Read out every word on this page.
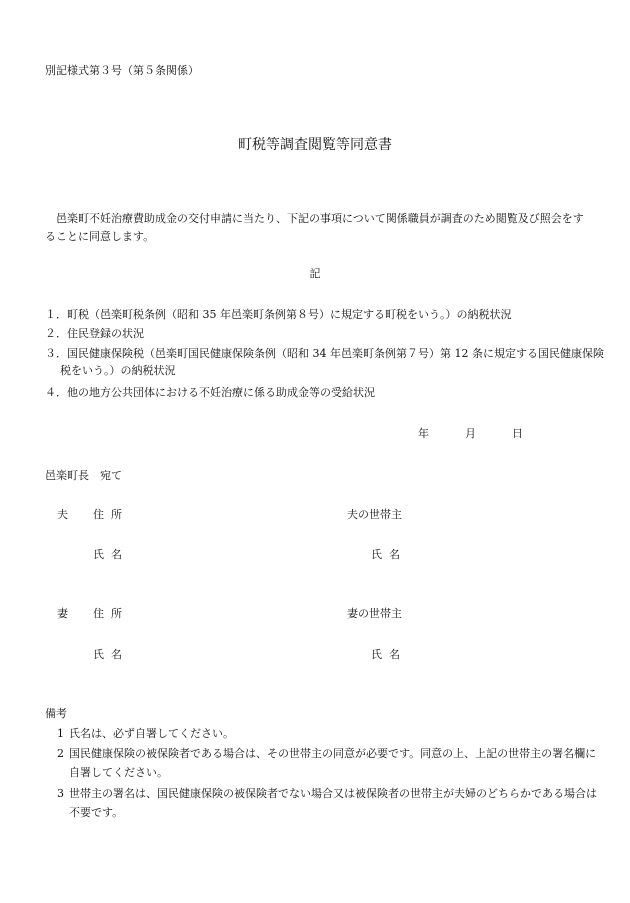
別記様式第３号（第５条関係）
町税等調査閲覧等同意書
邑楽町不妊治療費助成金の交付申請に当たり、下記の事項について関係職員が調査のため閲覧及び照会をすることに同意します。
記
１．町税（邑楽町税条例（昭和 35 年邑楽町条例第８号）に規定する町税をいう。）の納税状況
２．住民登録の状況
３．国民健康保険税（邑楽町国民健康保険条例（昭和 34 年邑楽町条例第７号）第 12 条に規定する国民健康保険税をいう。）の納税状況
４．他の地方公共団体における不妊治療に係る助成金等の受給状況
年	月	日
邑楽町長　宛て
夫 住所	夫の世帯主
氏名	氏名
妻 住所	妻の世帯主
氏名	氏名
備考
1 氏名は、必ず自署してください。
2 国民健康保険の被保険者である場合は、その世帯主の同意が必要です。同意の上、上記の世帯主の署名欄に自署してください。
3 世帯主の署名は、国民健康保険の被保険者でない場合又は被保険者の世帯主が夫婦のどちらかである場合は不要です。
